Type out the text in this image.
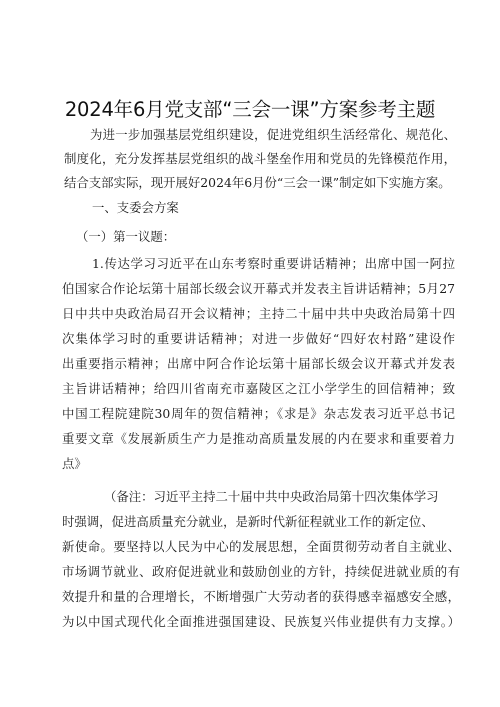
2024年6月党支部“三会一课”方案参考主题
为进一步加强基层党组织建设，促进党组织生活经常化、规范化、
制度化，充分发挥基层党组织的战斗堡垒作用和党员的先锋模范作用，
结合支部实际，现开展好2024年6月份“三会一课”制定如下实施方案。
一、支委会方案
（一）第一议题：
1.传达学习习近平在山东考察时重要讲话精神；出席中国一阿拉
伯国家合作论坛第十届部长级会议开幕式并发表主旨讲话精神；5月27
日中共中央政治局召开会议精神；主持二十届中共中央政治局第十四
次集体学习时的重要讲话精神；对进一步做好“四好农村路”建设作
出重要指示精神；出席中阿合作论坛第十届部长级会议开幕式并发表
主旨讲话精神；给四川省南充市嘉陵区之江小学学生的回信精神；致
中国工程院建院30周年的贺信精神；《求是》杂志发表习近平总书记
重要文章《发展新质生产力是推动高质量发展的内在要求和重要着力
点》
（备注：习近平主持二十届中共中央政治局第十四次集体学习
时强调，促进高质量充分就业，是新时代新征程就业工作的新定位、
新使命。要坚持以人民为中心的发展思想，全面贯彻劳动者自主就业、
市场调节就业、政府促进就业和鼓励创业的方针，持续促进就业质的有
效提升和量的合理增长，不断增强广大劳动者的获得感幸福感安全感，
为以中国式现代化全面推进强国建设、民族复兴伟业提供有力支撑。）
